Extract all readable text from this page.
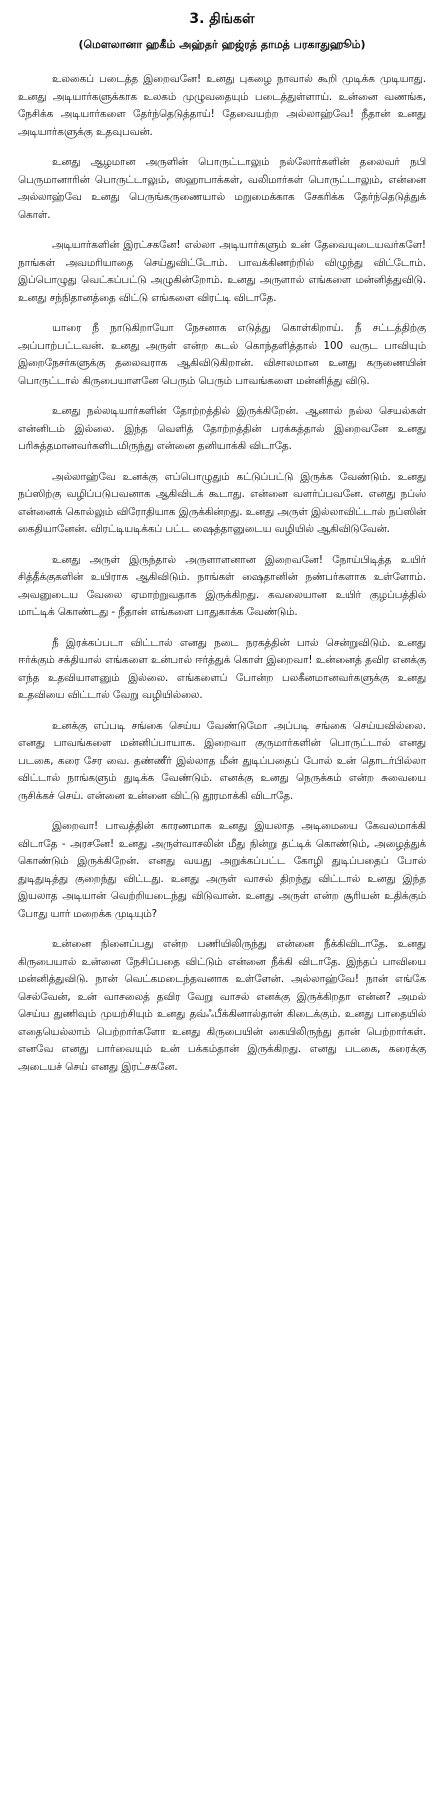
3. திங்கள்
(மௌலானா ஹகீம் அஹ்தர் ஹஜ்ரத் தாமத் பரகாதுஹூம்)

உலகைப் படைத்த இறைவனே! உனது புகழை நாவால் கூறி முடிக்க முடியாது. உனது அடியார்களுக்காக உலகம் முழுவதையும் படைத்துள்ளாய். உன்னை வணங்க, நேசிக்க அடியார்களை தேர்ந்தெடுத்தாய்! தேவையற்ற அல்லாஹ்வே! நீதான் உனது அடியார்களுக்கு உதவுபவன்.

உனது ஆழமான அருளின் பொருட்டாலும் நல்லோர்களின் தலைவர் நபி பெருமானாரின் பொருட்டாலும், ஸஹாபாக்கள், வலிமார்கள் பொருட்டாலும், என்னை அல்லாஹ்வே உனது பெருங்கருணையால் மறுமைக்காக சேகரிக்க தேர்ந்தெடுத்துக் கொள்.

அடியார்களின் இரட்சகனே! எல்லா அடியார்களும் உன் தேவையுடையவர்களே! நாங்கள் அவமரியாதை செய்துவிட்டோம். பாவக்கிணற்றில் விழுந்து விட்டோம். இப்பொழுது வெட்கப்பட்டு அழுகின்றோம். உனது அருளால் எங்களை மன்னித்துவிடு. உனது சந்நிதானத்தை விட்டு எங்களை விரட்டி விடாதே.

யாரை நீ நாடுகிறாயோ நேசனாக எடுத்து கொள்கிறாய். நீ சட்டத்திற்கு அப்பாற்பட்டவன். உனது அருள் என்ற கடல் கொந்தளித்தால் 100 வருட பாவியும் இறைநேசர்களுக்கு தலைவராக ஆகிவிடுகிறான். விசாலமான உனது கருணையின் பொருட்டால் கிருபையாளனே பெரும் பெரும் பாவங்களை மன்னித்து விடு.

உனது நல்லடியார்களின் தோற்றத்தில் இருக்கிறேன். ஆனால் நல்ல செயல்கள் என்னிடம் இல்லை. இந்த வெளித் தோற்றத்தின் பரக்கத்தால் இறைவனே உனது பரிசுத்தமானவர்களிடமிருந்து என்னை தனியாக்கி விடாதே.

அல்லாஹ்வே உனக்கு எப்பொழுதும் கட்டுப்பட்டு இருக்க வேண்டும். உனது நப்ஸிற்கு வழிப்படுபவனாக ஆகிவிடக் கூடாது. என்னை வளர்ப்பவனே. எனது நப்ஸ் என்னைக் கொல்லும் விரோதியாக இருக்கின்றது. உனது அருள் இல்லாவிட்டால் நப்ஸின் கைதியானேன். விரட்டியடிக்கப் பட்ட ஷைத்தானுடைய வழியில் ஆகிவிடுவேன்.

உனது அருள் இருந்தால் அருளாளனான இறைவனே! நோய்பிடித்த உயிர் சித்தீக்குகளின் உயிராக ஆகிவிடும். நாங்கள் ஷைதானின் நண்பர்களாக உள்ளோம். அவனுடைய வேலை ஏமாற்றுவதாக இருக்கிறது. கவலையான உயிர் குழப்பத்தில் மாட்டிக் கொண்டது - நீதான் எங்களை பாதுகாக்க வேண்டும்.

நீ இரக்கப்படா விட்டால் எனது நடை நரகத்தின் பால் சென்றுவிடும். உனது ஈர்க்கும் சக்தியால் எங்களை உன்பால் ஈர்த்துக் கொள் இறைவா! உன்னைத் தவிர எனக்கு எந்த உதவியாளனும் இல்லை. எங்களைப் போன்ற பலகீனமானவர்களுக்கு உனது உதவியை விட்டால் வேறு வழியில்லை.

உனக்கு எப்படி சங்கை செய்ய வேண்டுமோ அப்படி சங்கை செய்யவில்லை. எனது பாவங்களை மன்னிப்பாயாக. இறைவா குருமார்களின் பொருட்டால் எனது படகை, கரை சேர வை. தண்ணீர் இல்லாத மீன் துடிப்பதைப் போல் உன் தொடர்பில்லா விட்டால் நாங்களும் துடிக்க வேண்டும். எனக்கு உனது நெருக்கம் என்ற சுவையை ருசிக்கச் செய். என்னை உன்னை விட்டு தூரமாக்கி விடாதே.

இறைவா! பாவத்தின் காரணமாக உனது இயலாத அடிமையை கேவலமாக்கி விடாதே - அரசனே! உனது அருள்வாசலின் மீது நின்று தட்டிக் கொண்டும், அழைத்துக் கொண்டும் இருக்கிறேன். எனது வயது அறுக்கப்பட்ட கோழி துடிப்பதைப் போல் துடிதுடித்து குறைந்து விட்டது. உனது அருள் வாசல் திறந்து விட்டால் உனது இந்த இயலாத அடியான் வெற்றியடைந்து விடுவான். உனது அருள் என்ற சூரியன் உதிக்கும் போது யார் மறைக்க முடியும்?

உன்னை நினைப்பது என்ற பணியிலிருந்து என்னை நீக்கிவிடாதே. உனது கிருபையால் உன்னை நேசிப்பதை விட்டும் என்னை நீக்கி விடாதே. இந்தப் பாவியை மன்னித்துவிடு. நான் வெட்கமடைந்தவனாக உள்ளேன். அல்லாஹ்வே! நான் எங்கே செல்வேன், உன் வாசலைத் தவிர வேறு வாசல் எனக்கு இருக்கிறதா என்ன? அமல் செய்ய துணிவும் முயற்சியும் உனது தவ்ஃபீக்கினால்தான் கிடைக்கும். உனது பாதையில் எதையெல்லாம் பெற்றார்களோ உனது கிருபையின் கையிலிருந்து தான் பெற்றார்கள். எனவே எனது பார்வையும் உன் பக்கம்தான் இருக்கிறது. எனது படகை, கரைக்கு அடையச் செய் எனது இரட்சகனே.
